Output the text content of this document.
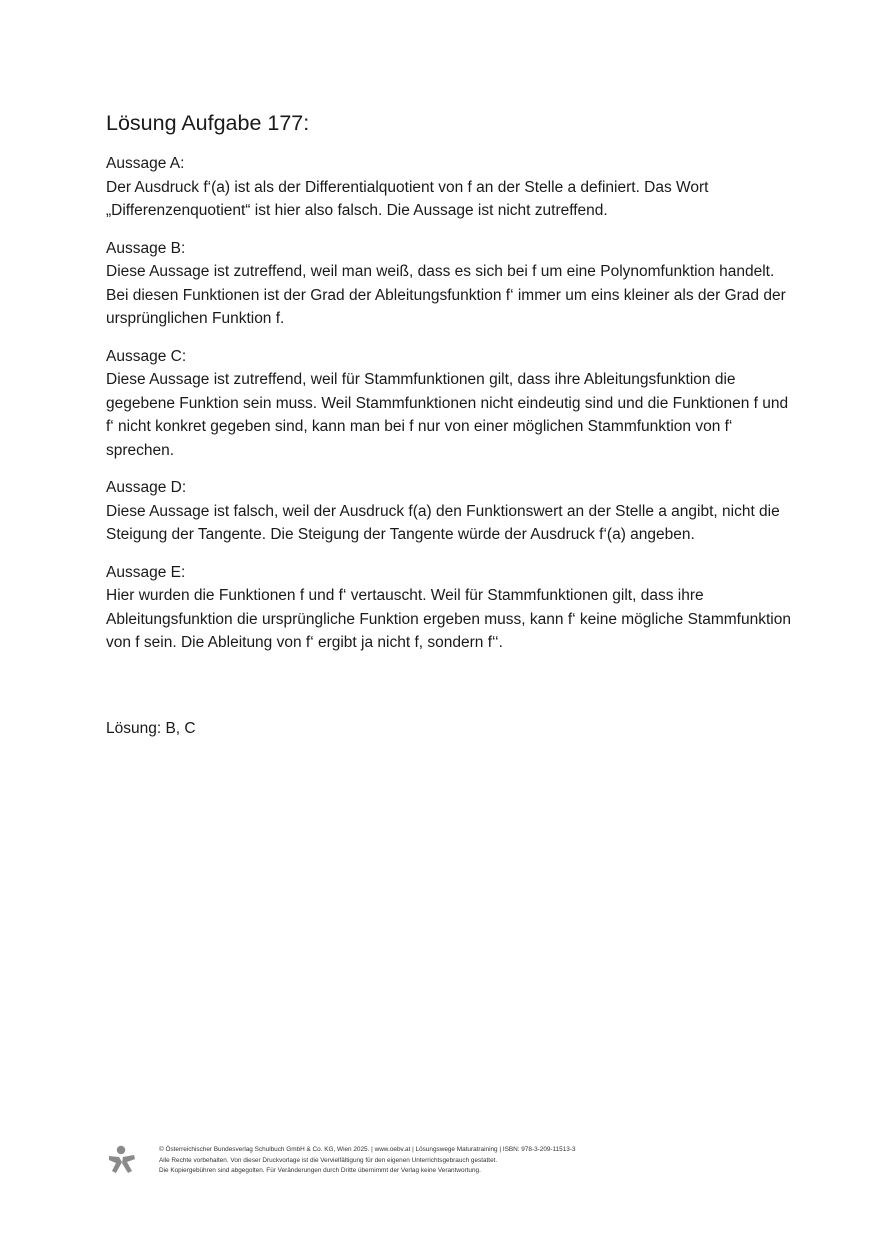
Lösung Aufgabe 177:
Aussage A:
Der Ausdruck f‘(a) ist als der Differentialquotient von f an der Stelle a definiert. Das Wort „Differenzenquotient“ ist hier also falsch. Die Aussage ist nicht zutreffend.
Aussage B:
Diese Aussage ist zutreffend, weil man weiß, dass es sich bei f um eine Polynomfunktion handelt. Bei diesen Funktionen ist der Grad der Ableitungsfunktion f‘ immer um eins kleiner als der Grad der ursprünglichen Funktion f.
Aussage C:
Diese Aussage ist zutreffend, weil für Stammfunktionen gilt, dass ihre Ableitungsfunktion die gegebene Funktion sein muss. Weil Stammfunktionen nicht eindeutig sind und die Funktionen f und f‘ nicht konkret gegeben sind, kann man bei f nur von einer möglichen Stammfunktion von f‘ sprechen.
Aussage D:
Diese Aussage ist falsch, weil der Ausdruck f(a) den Funktionswert an der Stelle a angibt, nicht die Steigung der Tangente. Die Steigung der Tangente würde der Ausdruck f‘(a) angeben.
Aussage E:
Hier wurden die Funktionen f und f‘ vertauscht. Weil für Stammfunktionen gilt, dass ihre Ableitungsfunktion die ursprüngliche Funktion ergeben muss, kann f‘ keine mögliche Stammfunktion von f sein. Die Ableitung von f‘ ergibt ja nicht f, sondern f‘‘.
Lösung: B, C
© Österreichischer Bundesverlag Schulbuch GmbH & Co. KG, Wien 2025. | www.oebv.at | Lösungswege Maturatraining | ISBN: 978-3-209-11513-3
Alle Rechte vorbehalten. Von dieser Druckvorlage ist die Vervielfältigung für den eigenen Unterrichtsgebrauch gestattet.
Die Kopiergebühren sind abgegolten. Für Veränderungen durch Dritte übernimmt der Verlag keine Verantwortung.
